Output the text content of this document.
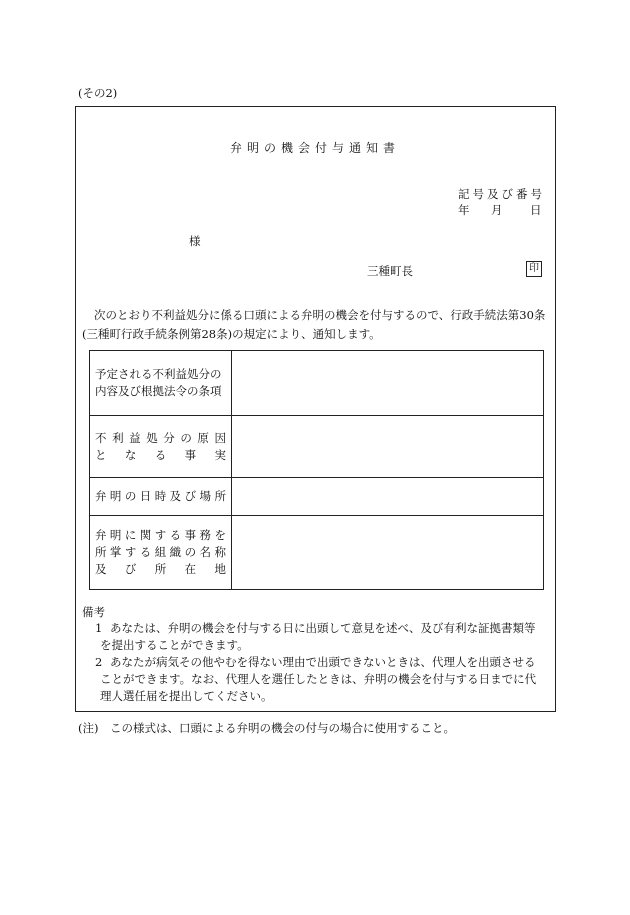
(その2)
弁明の機会付与通知書
記号及び番号
年 月 日
様
三種町長	印
次のとおり不利益処分に係る口頭による弁明の機会を付与するので、行政手続法第30条(三種町行政手続条例第28条)の規定により、通知します。
予定される不利益処分の
内容及び根拠法令の条項
不利益処分の原因
となる事実
弁明の日時及び場所
弁明に関する事務を
所掌する組織の名称
及び所在地
備考
1 あなたは、弁明の機会を付与する日に出頭して意見を述べ、及び有利な証拠書類等
を提出することができます。
2 あなたが病気その他やむを得ない理由で出頭できないときは、代理人を出頭させる
ことができます。なお、代理人を選任したときは、弁明の機会を付与する日までに代
理人選任届を提出してください。
(注)　この様式は、口頭による弁明の機会の付与の場合に使用すること。
